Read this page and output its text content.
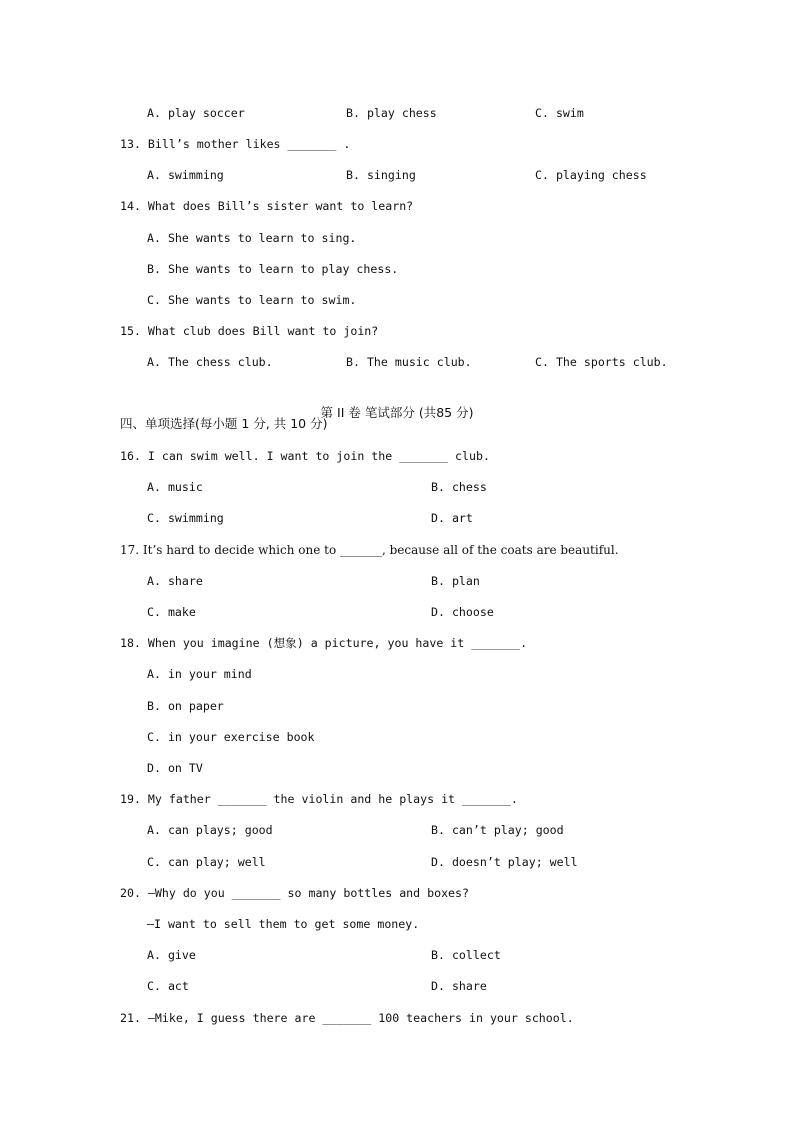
A. play soccer

	B. play chess

	C. swim

13. Bill’s mother likes _______ .

A. swimming

	B. singing

	C. playing chess

14. What does Bill’s sister want to learn?

A. She wants to learn to sing.

B. She wants to learn to play chess.

C. She wants to learn to swim.

15. What club does Bill want to join?

A. The chess club.

	B. The music club.

	C. The sports club.

第 II 卷 笔试部分 (共85 分)

四、单项选择(每小题 1 分, 共 10 分)

16. I can swim well. I want to join the _______ club.

A. music

	B. chess

C. swimming

	D. art

17. It’s hard to decide which one to _______, because all of the coats are beautiful.

A. share

	B. plan

C. make

	D. choose

18. When you imagine (想象) a picture, you have it _______.

A. in your mind

B. on paper

C. in your exercise book

D. on TV

19. My father _______ the violin and he plays it _______.

A. can plays; good

	B. can’t play; good

C. can play; well

	D. doesn’t play; well

20. —Why do you _______ so many bottles and boxes?

—I want to sell them to get some money.

A. give

	B. collect

C. act

	D. share

21. —Mike, I guess there are _______ 100 teachers in your school.
